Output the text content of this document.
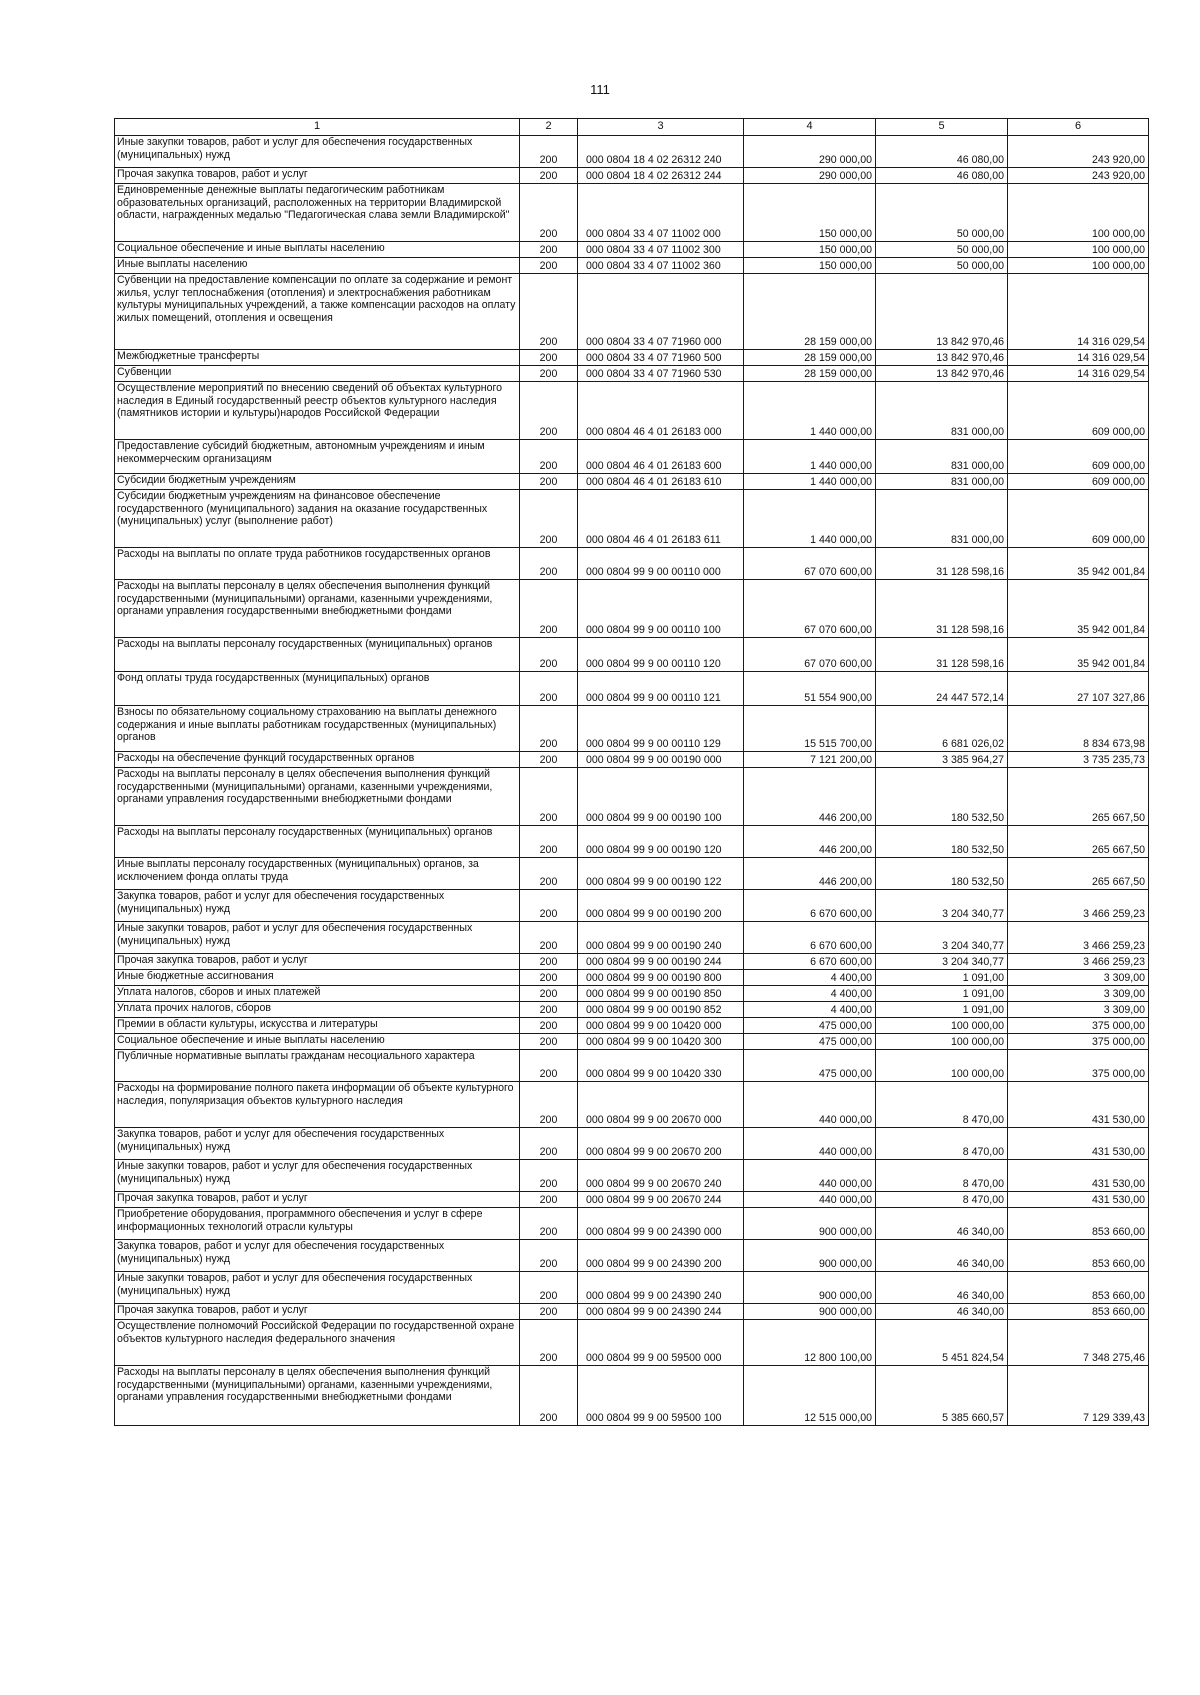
111
1	2	3	4	5	6
Иные закупки товаров, работ и услуг для обеспечения государственных (муниципальных) нужд	200	000 0804 18 4 02 26312 240	290 000,00	46 080,00	243 920,00
Прочая закупка товаров, работ и услуг	200	000 0804 18 4 02 26312 244	290 000,00	46 080,00	243 920,00
Единовременные денежные выплаты педагогическим работникам образовательных организаций, расположенных на территории Владимирской области, награжденных медалью "Педагогическая слава земли Владимирской"	200	000 0804 33 4 07 11002 000	150 000,00	50 000,00	100 000,00
Социальное обеспечение и иные выплаты населению	200	000 0804 33 4 07 11002 300	150 000,00	50 000,00	100 000,00
Иные выплаты населению	200	000 0804 33 4 07 11002 360	150 000,00	50 000,00	100 000,00
Субвенции на предоставление компенсации по оплате за содержание и ремонт жилья, услуг теплоснабжения (отопления) и электроснабжения работникам культуры муниципальных учреждений, а также компенсации расходов на оплату жилых помещений, отопления и освещения	200	000 0804 33 4 07 71960 000	28 159 000,00	13 842 970,46	14 316 029,54
Межбюджетные трансферты	200	000 0804 33 4 07 71960 500	28 159 000,00	13 842 970,46	14 316 029,54
Субвенции	200	000 0804 33 4 07 71960 530	28 159 000,00	13 842 970,46	14 316 029,54
Осуществление мероприятий по внесению сведений об объектах культурного наследия в Единый государственный реестр объектов культурного наследия (памятников истории и культуры)народов Российской Федерации	200	000 0804 46 4 01 26183 000	1 440 000,00	831 000,00	609 000,00
Предоставление субсидий бюджетным, автономным учреждениям и иным некоммерческим организациям	200	000 0804 46 4 01 26183 600	1 440 000,00	831 000,00	609 000,00
Субсидии бюджетным учреждениям	200	000 0804 46 4 01 26183 610	1 440 000,00	831 000,00	609 000,00
Субсидии бюджетным учреждениям на финансовое обеспечение государственного (муниципального) задания на оказание государственных (муниципальных) услуг (выполнение работ)	200	000 0804 46 4 01 26183 611	1 440 000,00	831 000,00	609 000,00
Расходы на выплаты по оплате труда работников государственных органов	200	000 0804 99 9 00 00110 000	67 070 600,00	31 128 598,16	35 942 001,84
Расходы на выплаты персоналу в целях обеспечения выполнения функций государственными (муниципальными) органами, казенными учреждениями, органами управления государственными внебюджетными фондами	200	000 0804 99 9 00 00110 100	67 070 600,00	31 128 598,16	35 942 001,84
Расходы на выплаты персоналу государственных (муниципальных) органов	200	000 0804 99 9 00 00110 120	67 070 600,00	31 128 598,16	35 942 001,84
Фонд оплаты труда государственных (муниципальных) органов	200	000 0804 99 9 00 00110 121	51 554 900,00	24 447 572,14	27 107 327,86
Взносы по обязательному социальному страхованию на выплаты денежного содержания и иные выплаты работникам государственных (муниципальных) органов	200	000 0804 99 9 00 00110 129	15 515 700,00	6 681 026,02	8 834 673,98
Расходы на обеспечение функций государственных органов	200	000 0804 99 9 00 00190 000	7 121 200,00	3 385 964,27	3 735 235,73
Расходы на выплаты персоналу в целях обеспечения выполнения функций государственными (муниципальными) органами, казенными учреждениями, органами управления государственными внебюджетными фондами	200	000 0804 99 9 00 00190 100	446 200,00	180 532,50	265 667,50
Расходы на выплаты персоналу государственных (муниципальных) органов	200	000 0804 99 9 00 00190 120	446 200,00	180 532,50	265 667,50
Иные выплаты персоналу государственных (муниципальных) органов, за исключением фонда оплаты труда	200	000 0804 99 9 00 00190 122	446 200,00	180 532,50	265 667,50
Закупка товаров, работ и услуг для обеспечения государственных (муниципальных) нужд	200	000 0804 99 9 00 00190 200	6 670 600,00	3 204 340,77	3 466 259,23
Иные закупки товаров, работ и услуг для обеспечения государственных (муниципальных) нужд	200	000 0804 99 9 00 00190 240	6 670 600,00	3 204 340,77	3 466 259,23
Прочая закупка товаров, работ и услуг	200	000 0804 99 9 00 00190 244	6 670 600,00	3 204 340,77	3 466 259,23
Иные бюджетные ассигнования	200	000 0804 99 9 00 00190 800	4 400,00	1 091,00	3 309,00
Уплата налогов, сборов и иных платежей	200	000 0804 99 9 00 00190 850	4 400,00	1 091,00	3 309,00
Уплата прочих налогов, сборов	200	000 0804 99 9 00 00190 852	4 400,00	1 091,00	3 309,00
Премии в области культуры, искусства и литературы	200	000 0804 99 9 00 10420 000	475 000,00	100 000,00	375 000,00
Социальное обеспечение и иные выплаты населению	200	000 0804 99 9 00 10420 300	475 000,00	100 000,00	375 000,00
Публичные нормативные выплаты гражданам несоциального характера	200	000 0804 99 9 00 10420 330	475 000,00	100 000,00	375 000,00
Расходы на формирование полного пакета информации об объекте культурного наследия, популяризация объектов культурного наследия	200	000 0804 99 9 00 20670 000	440 000,00	8 470,00	431 530,00
Закупка товаров, работ и услуг для обеспечения государственных (муниципальных) нужд	200	000 0804 99 9 00 20670 200	440 000,00	8 470,00	431 530,00
Иные закупки товаров, работ и услуг для обеспечения государственных (муниципальных) нужд	200	000 0804 99 9 00 20670 240	440 000,00	8 470,00	431 530,00
Прочая закупка товаров, работ и услуг	200	000 0804 99 9 00 20670 244	440 000,00	8 470,00	431 530,00
Приобретение оборудования, программного обеспечения и услуг в сфере информационных технологий отрасли культуры	200	000 0804 99 9 00 24390 000	900 000,00	46 340,00	853 660,00
Закупка товаров, работ и услуг для обеспечения государственных (муниципальных) нужд	200	000 0804 99 9 00 24390 200	900 000,00	46 340,00	853 660,00
Иные закупки товаров, работ и услуг для обеспечения государственных (муниципальных) нужд	200	000 0804 99 9 00 24390 240	900 000,00	46 340,00	853 660,00
Прочая закупка товаров, работ и услуг	200	000 0804 99 9 00 24390 244	900 000,00	46 340,00	853 660,00
Осуществление полномочий Российской Федерации по государственной охране объектов культурного наследия федерального значения	200	000 0804 99 9 00 59500 000	12 800 100,00	5 451 824,54	7 348 275,46
Расходы на выплаты персоналу в целях обеспечения выполнения функций государственными (муниципальными) органами, казенными учреждениями, органами управления государственными внебюджетными фондами	200	000 0804 99 9 00 59500 100	12 515 000,00	5 385 660,57	7 129 339,43
